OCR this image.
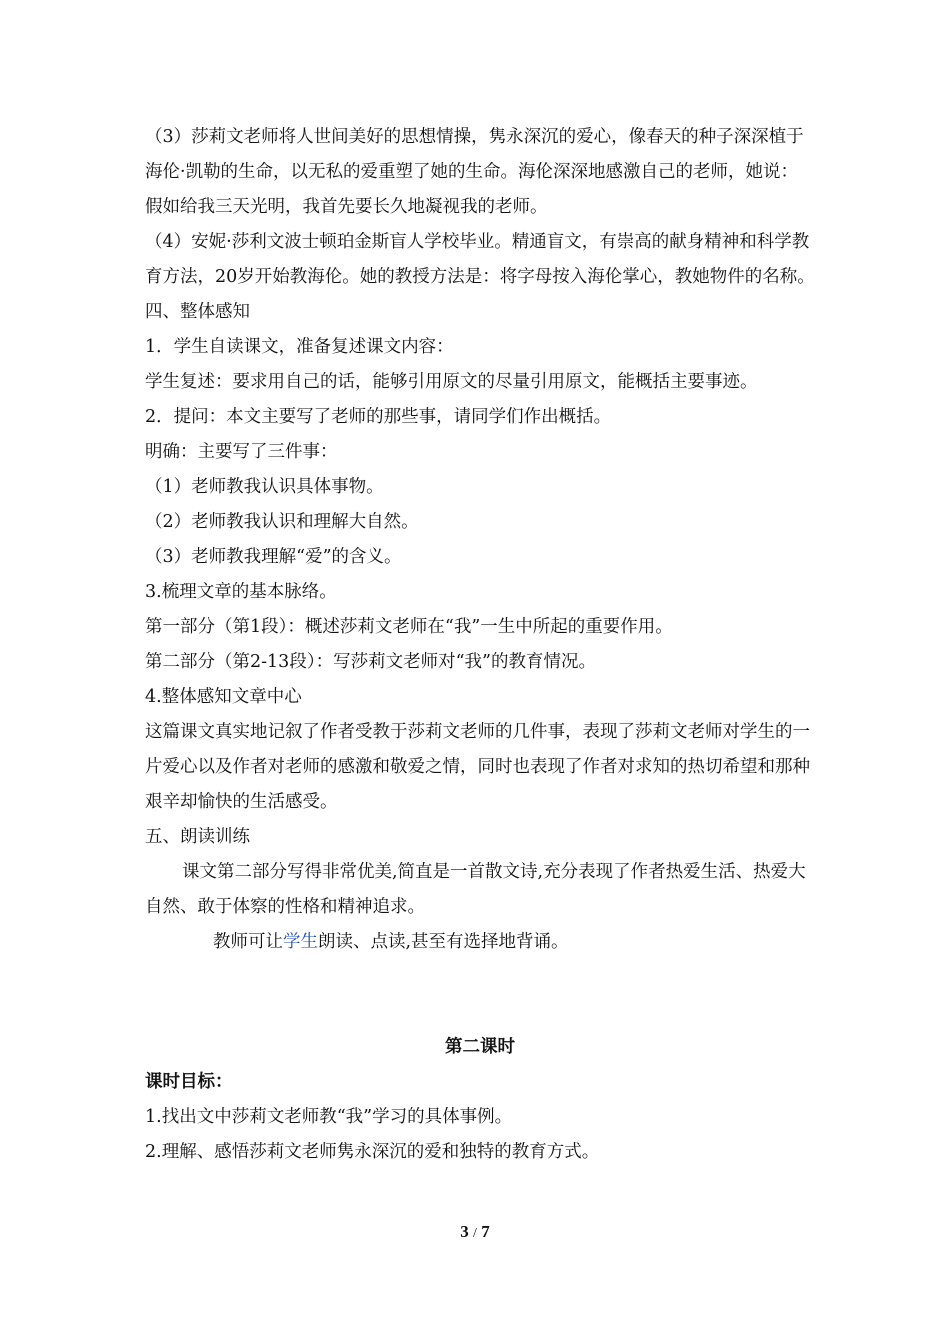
（3）莎莉文老师将人世间美好的思想情操，隽永深沉的爱心，像春天的种子深深植于海伦·凯勒的生命，以无私的爱重塑了她的生命。海伦深深地感激自己的老师，她说：假如给我三天光明，我首先要长久地凝视我的老师。

（4）安妮·莎利文波士顿珀金斯盲人学校毕业。精通盲文，有崇高的献身精神和科学教育方法，20岁开始教海伦。她的教授方法是：将字母按入海伦掌心，教她物件的名称。

四、整体感知

1．学生自读课文，准备复述课文内容：

学生复述：要求用自己的话，能够引用原文的尽量引用原文，能概括主要事迹。

2．提问：本文主要写了老师的那些事，请同学们作出概括。

明确：主要写了三件事：

（1）老师教我认识具体事物。

（2）老师教我认识和理解大自然。

（3）老师教我理解“爱”的含义。

3.梳理文章的基本脉络。

第一部分（第1段）：概述莎莉文老师在“我”一生中所起的重要作用。

第二部分（第2-13段）：写莎莉文老师对“我”的教育情况。

4.整体感知文章中心

这篇课文真实地记叙了作者受教于莎莉文老师的几件事，表现了莎莉文老师对学生的一片爱心以及作者对老师的感激和敬爱之情，同时也表现了作者对求知的热切希望和那种艰辛却愉快的生活感受。

五、朗读训练

课文第二部分写得非常优美,简直是一首散文诗,充分表现了作者热爱生活、热爱大自然、敢于体察的性格和精神追求。

教师可让学生朗读、点读,甚至有选择地背诵。

第二课时

课时目标：

1.找出文中莎莉文老师教“我”学习的具体事例。

2.理解、感悟莎莉文老师隽永深沉的爱和独特的教育方式。

3 / 7
